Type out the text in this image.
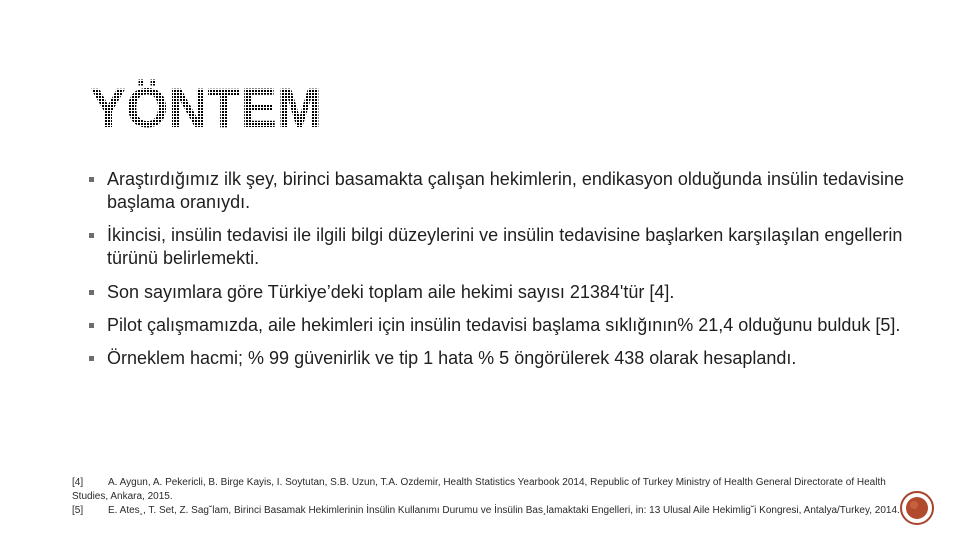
YÖNTEM
Araştırdığımız ilk şey, birinci basamakta çalışan hekimlerin, endikasyon olduğunda insülin tedavisine başlama oranıydı.
İkincisi, insülin tedavisi ile ilgili bilgi düzeylerini ve insülin tedavisine başlarken karşılaşılan engellerin türünü belirlemekti.
Son sayımlara göre Türkiye’deki toplam aile hekimi sayısı 21384'tür [4].
Pilot çalışmamızda, aile hekimleri için insülin tedavisi başlama sıklığının% 21,4 olduğunu bulduk [5].
Örneklem hacmi; % 99 güvenirlik ve tip 1 hata % 5 öngörülerek 438 olarak hesaplandı.

[4] A. Aygun, A. Pekericli, B. Birge Kayis, I. Soytutan, S.B. Uzun, T.A. Ozdemir, Health Statistics Yearbook 2014, Republic of Turkey Ministry of Health General Directorate of Health Studies, Ankara, 2015.

[5] E. Ates¸, T. Set, Z. Sag˘lam, Birinci Basamak Hekimlerinin İnsülin Kullanımı Durumu ve İnsülin Bas¸lamaktaki Engelleri, in: 13 Ulusal Aile Hekimlig˘i Kongresi, Antalya/Turkey, 2014.
